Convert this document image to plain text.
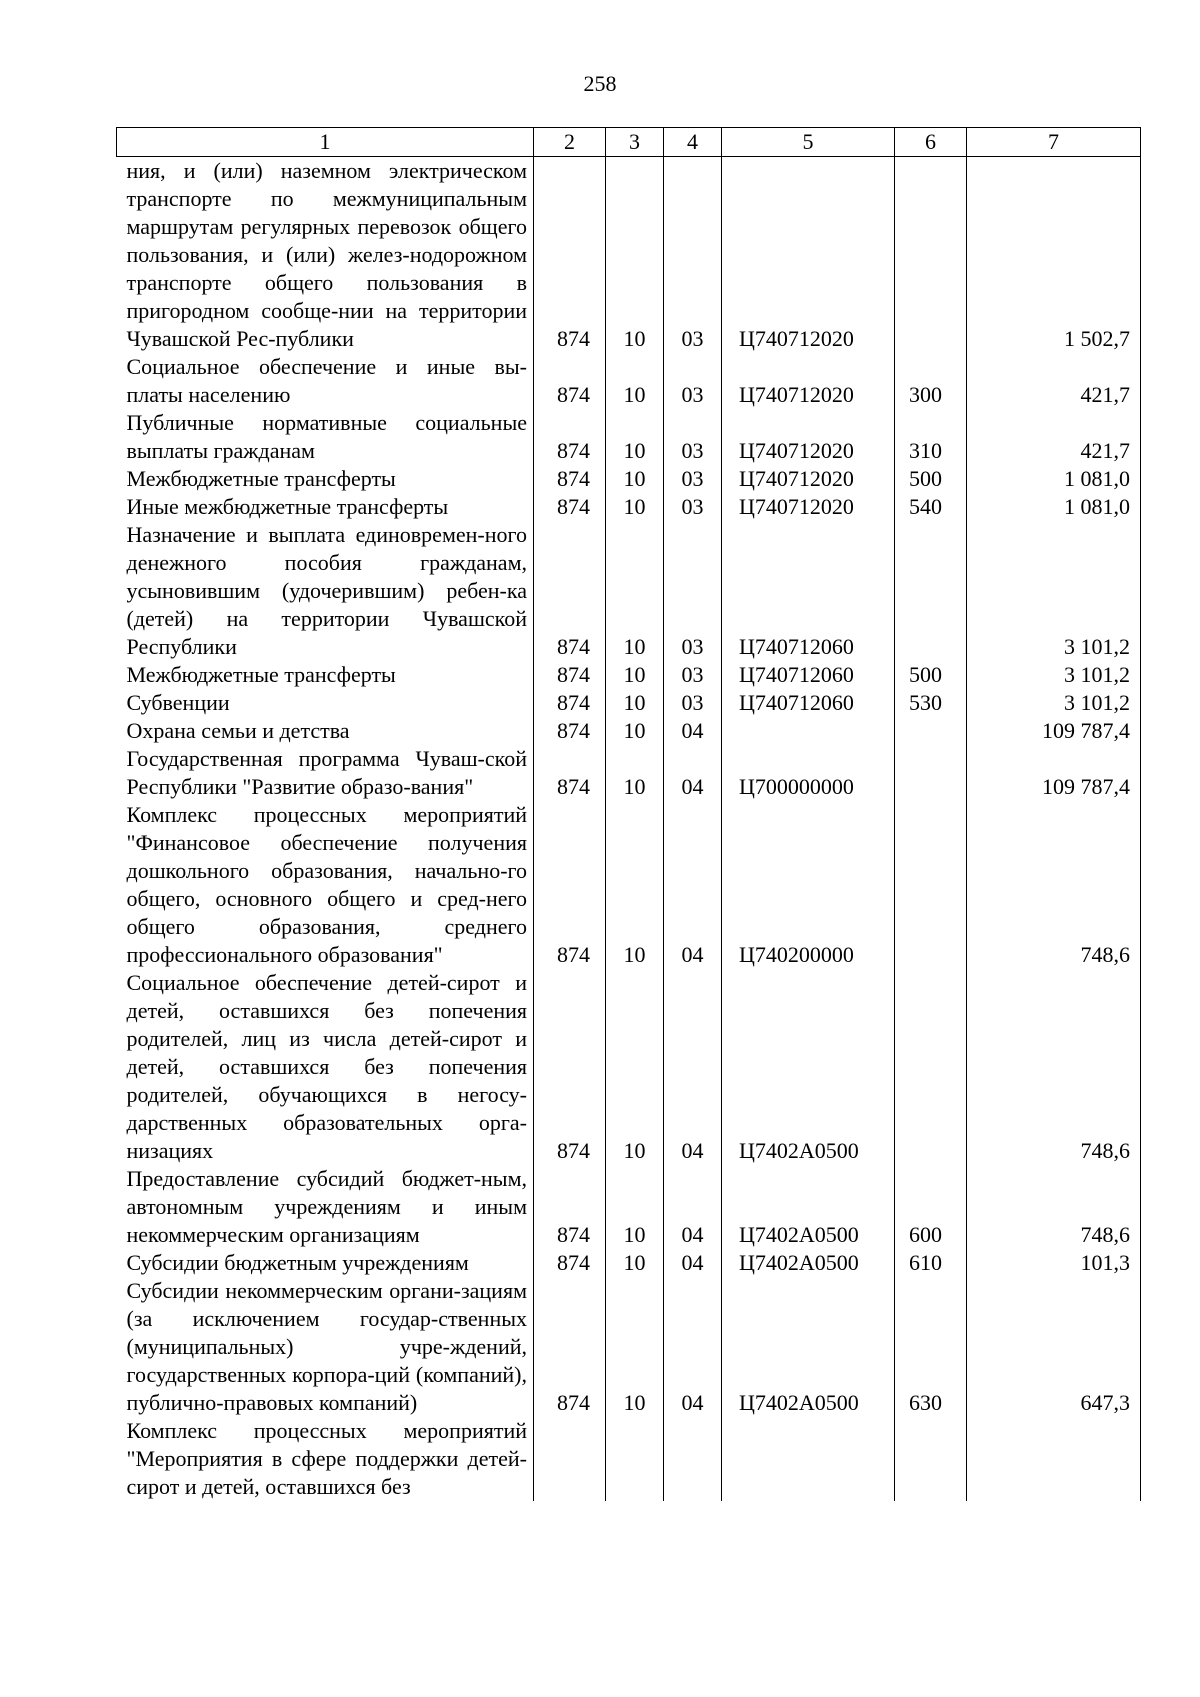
258
1	2	3	4	5	6	7
ния, и (или) наземном электрическом транспорте по межмуниципальным маршрутам регулярных перевозок общего пользования, и (или) желез-нодорожном транспорте общего пользования в пригородном сообще-нии на территории Чувашской Рес-публики	874	10	03	Ц740712020		1 502,7
Социальное обеспечение и иные вы-платы населению	874	10	03	Ц740712020	300	421,7
Публичные нормативные социальные выплаты гражданам	874	10	03	Ц740712020	310	421,7
Межбюджетные трансферты	874	10	03	Ц740712020	500	1 081,0
Иные межбюджетные трансферты	874	10	03	Ц740712020	540	1 081,0
Назначение и выплата единовремен-ного денежного пособия гражданам, усыновившим (удочерившим) ребен-ка (детей) на территории Чувашской Республики	874	10	03	Ц740712060		3 101,2
Межбюджетные трансферты	874	10	03	Ц740712060	500	3 101,2
Субвенции	874	10	03	Ц740712060	530	3 101,2
Охрана семьи и детства	874	10	04			109 787,4
Государственная программа Чуваш-ской Республики "Развитие образо-вания"	874	10	04	Ц700000000		109 787,4
Комплекс процессных мероприятий "Финансовое обеспечение получения дошкольного образования, начально-го общего, основного общего и сред-него общего образования, среднего профессионального образования"	874	10	04	Ц740200000		748,6
Социальное обеспечение детей-сирот и детей, оставшихся без попечения родителей, лиц из числа детей-сирот и детей, оставшихся без попечения родителей, обучающихся в негосу-дарственных образовательных орга-низациях	874	10	04	Ц7402А0500		748,6
Предоставление субсидий бюджет-ным, автономным учреждениям и иным некоммерческим организациям	874	10	04	Ц7402А0500	600	748,6
Субсидии бюджетным учреждениям	874	10	04	Ц7402А0500	610	101,3
Субсидии некоммерческим органи-зациям (за исключением государ-ственных (муниципальных) учре-ждений, государственных корпора-ций (компаний), публично-правовых компаний)	874	10	04	Ц7402А0500	630	647,3
Комплекс процессных мероприятий "Мероприятия в сфере поддержки детей-сирот и детей, оставшихся без						
